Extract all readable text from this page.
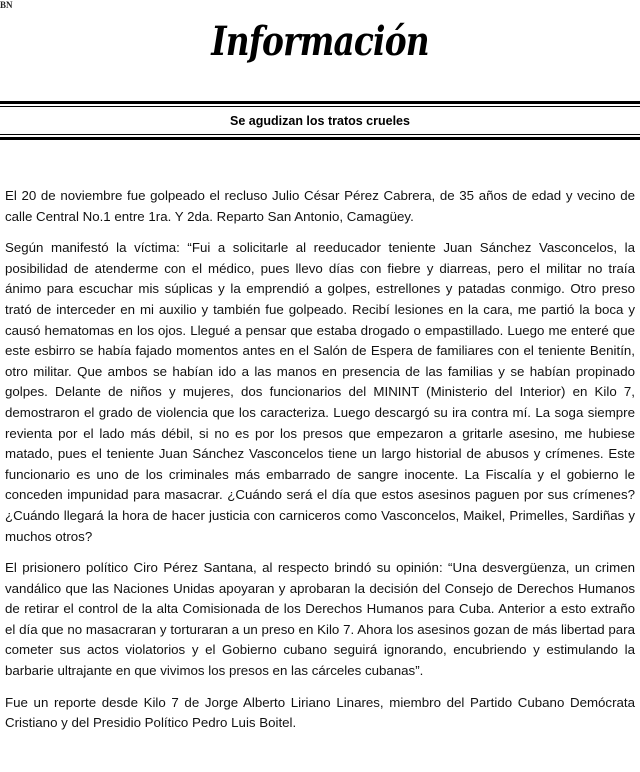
BN
Información
Se agudizan los tratos crueles

El 20 de noviembre fue golpeado el recluso Julio César Pérez Cabrera, de 35 años de edad y vecino de calle Central No.1 entre 1ra. Y 2da. Reparto San Antonio, Camagüey.

Según manifestó la víctima: “Fui a solicitarle al reeducador teniente Juan Sánchez Vasconcelos, la posibilidad de atenderme con el médico, pues llevo días con fiebre y diarreas, pero el militar no traía ánimo para escuchar mis súplicas y la emprendió a golpes, estrellones y patadas conmigo. Otro preso trató de interceder en mi auxilio y también fue golpeado. Recibí lesiones en la cara, me partió la boca y causó hematomas en los ojos. Llegué a pensar que estaba drogado o empastillado. Luego me enteré que este esbirro se había fajado momentos antes en el Salón de Espera de familiares con el teniente Benitín, otro militar. Que ambos se habían ido a las manos en presencia de las familias y se habían propinado golpes. Delante de niños y mujeres, dos funcionarios del MININT (Ministerio del Interior) en Kilo 7, demostraron el grado de violencia que los caracteriza. Luego descargó su ira contra mí. La soga siempre revienta por el lado más débil, si no es por los presos que empezaron a gritarle asesino, me hubiese matado, pues el teniente Juan Sánchez Vasconcelos tiene un largo historial de abusos y crímenes. Este funcionario es uno de los criminales más embarrado de sangre inocente. La Fiscalía y el gobierno le conceden impunidad para masacrar. ¿Cuándo será el día que estos asesinos paguen por sus crímenes? ¿Cuándo llegará la hora de hacer justicia con carniceros como Vasconcelos, Maikel, Primelles, Sardiñas y muchos otros?

El prisionero político Ciro Pérez Santana, al respecto brindó su opinión: “Una desvergüenza, un crimen vandálico que las Naciones Unidas apoyaran y aprobaran la decisión del Consejo de Derechos Humanos de retirar el control de la alta Comisionada de los Derechos Humanos para Cuba. Anterior a esto extraño el día que no masacraran y torturaran a un preso en Kilo 7. Ahora los asesinos gozan de más libertad para cometer sus actos violatorios y el Gobierno cubano seguirá ignorando, encubriendo y estimulando la barbarie ultrajante en que vivimos los presos en las cárceles cubanas”.

Fue un reporte desde Kilo 7 de Jorge Alberto Liriano Linares, miembro del Partido Cubano Demócrata Cristiano y del Presidio Político Pedro Luis Boitel.
